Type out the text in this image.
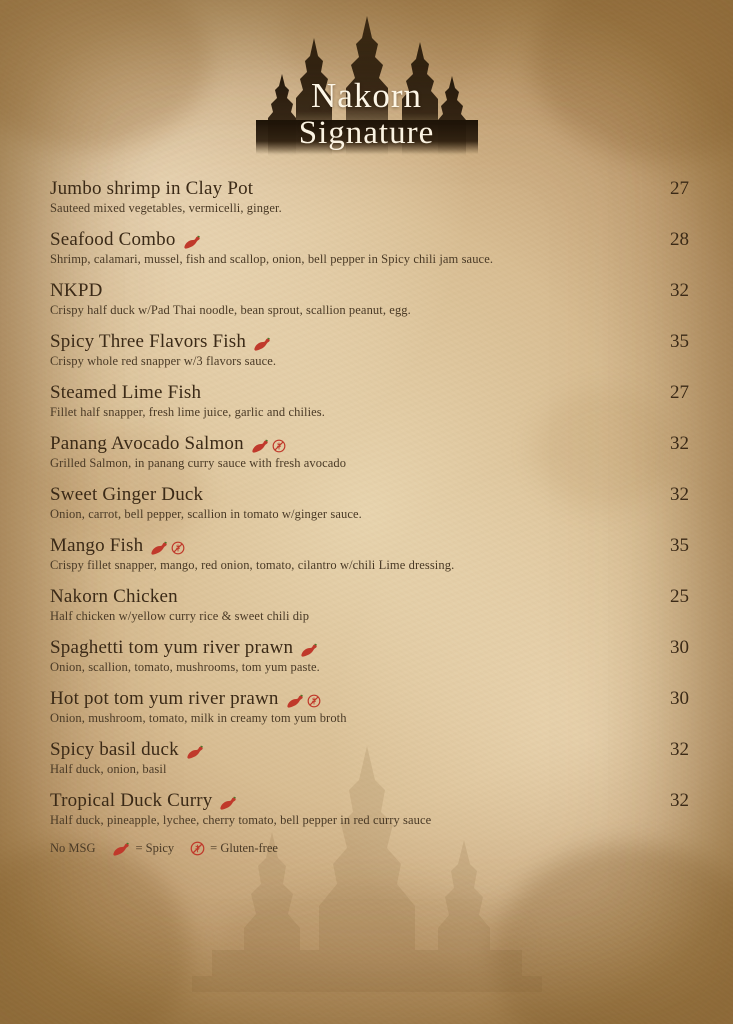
Nakorn
Signature
Jumbo shrimp in Clay Pot	27
Sauteed mixed vegetables, vermicelli, ginger.
Seafood Combo	28
Shrimp, calamari, mussel, fish and scallop, onion, bell pepper in Spicy chili jam sauce.
NKPD	32
Crispy half duck w/Pad Thai noodle, bean sprout, scallion peanut, egg.
Spicy Three Flavors Fish	35
Crispy whole red snapper w/3 flavors sauce.
Steamed Lime Fish	27
Fillet half snapper, fresh lime juice, garlic and chilies.
Panang Avocado Salmon	32
Grilled Salmon, in panang curry sauce with fresh avocado
Sweet Ginger Duck	32
Onion, carrot, bell pepper, scallion in tomato w/ginger sauce.
Mango Fish	35
Crispy fillet snapper, mango, red onion, tomato, cilantro w/chili Lime dressing.
Nakorn Chicken	25
Half chicken w/yellow curry rice & sweet chili dip
Spaghetti tom yum river prawn	30
Onion, scallion, tomato, mushrooms, tom yum paste.
Hot pot tom yum river prawn	30
Onion, mushroom, tomato, milk in creamy tom yum broth
Spicy basil duck	32
Half duck, onion, basil
Tropical Duck Curry	32
Half duck, pineapple, lychee, cherry tomato, bell pepper in red curry sauce
No MSG	= Spicy	= Gluten-free
